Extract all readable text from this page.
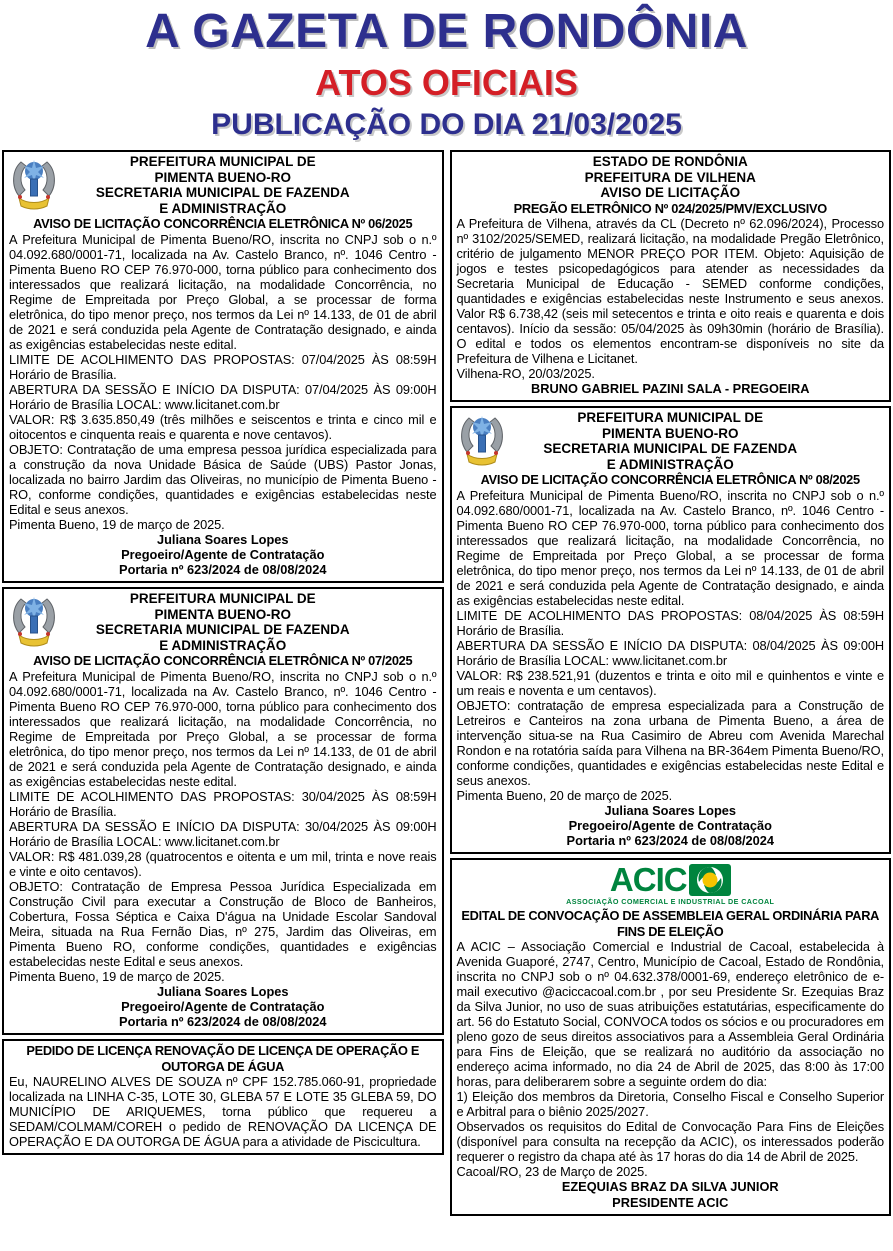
A GAZETA DE RONDÔNIA
ATOS OFICIAIS
PUBLICAÇÃO DO DIA 21/03/2025
PREFEITURA MUNICIPAL DE
PIMENTA BUENO-RO
SECRETARIA MUNICIPAL DE FAZENDA
E ADMINISTRAÇÃO
AVISO DE LICITAÇÃO CONCORRÊNCIA ELETRÔNICA Nº 06/2025
A Prefeitura Municipal de Pimenta Bueno/RO, inscrita no CNPJ sob o n.º 04.092.680/0001-71, localizada na Av. Castelo Branco, nº. 1046 Centro - Pimenta Bueno RO CEP 76.970-000, torna público para conhecimento dos interessados que realizará licitação, na modalidade Concorrência, no Regime de Empreitada por Preço Global, a se processar de forma eletrônica, do tipo menor preço, nos termos da Lei nº 14.133, de 01 de abril de 2021 e será conduzida pela Agente de Contratação designado, e ainda as exigências estabelecidas neste edital.
LIMITE DE ACOLHIMENTO DAS PROPOSTAS: 07/04/2025 ÀS 08:59H Horário de Brasília.
ABERTURA DA SESSÃO E INÍCIO DA DISPUTA: 07/04/2025 ÀS 09:00H Horário de Brasília LOCAL: www.licitanet.com.br
VALOR: R$ 3.635.850,49 (três milhões e seiscentos e trinta e cinco mil e oitocentos e cinquenta reais e quarenta e nove centavos).
OBJETO: Contratação de uma empresa pessoa jurídica especializada para a construção da nova Unidade Básica de Saúde (UBS) Pastor Jonas, localizada no bairro Jardim das Oliveiras, no município de Pimenta Bueno - RO, conforme condições, quantidades e exigências estabelecidas neste Edital e seus anexos.
Pimenta Bueno, 19 de março de 2025.
Juliana Soares Lopes
Pregoeiro/Agente de Contratação
Portaria nº 623/2024 de 08/08/2024
PREFEITURA MUNICIPAL DE
PIMENTA BUENO-RO
SECRETARIA MUNICIPAL DE FAZENDA
E ADMINISTRAÇÃO
AVISO DE LICITAÇÃO CONCORRÊNCIA ELETRÔNICA Nº 07/2025
A Prefeitura Municipal de Pimenta Bueno/RO, inscrita no CNPJ sob o n.º 04.092.680/0001-71, localizada na Av. Castelo Branco, nº. 1046 Centro - Pimenta Bueno RO CEP 76.970-000, torna público para conhecimento dos interessados que realizará licitação, na modalidade Concorrência, no Regime de Empreitada por Preço Global, a se processar de forma eletrônica, do tipo menor preço, nos termos da Lei nº 14.133, de 01 de abril de 2021 e será conduzida pela Agente de Contratação designado, e ainda as exigências estabelecidas neste edital.
LIMITE DE ACOLHIMENTO DAS PROPOSTAS: 30/04/2025 ÀS 08:59H Horário de Brasília.
ABERTURA DA SESSÃO E INÍCIO DA DISPUTA: 30/04/2025 ÀS 09:00H Horário de Brasília LOCAL: www.licitanet.com.br
VALOR: R$ 481.039,28 (quatrocentos e oitenta e um mil, trinta e nove reais e vinte e oito centavos).
OBJETO: Contratação de Empresa Pessoa Jurídica Especializada em Construção Civil para executar a Construção de Bloco de Banheiros, Cobertura, Fossa Séptica e Caixa D'água na Unidade Escolar Sandoval Meira, situada na Rua Fernão Dias, nº 275, Jardim das Oliveiras, em Pimenta Bueno RO, conforme condições, quantidades e exigências estabelecidas neste Edital e seus anexos.
Pimenta Bueno, 19 de março de 2025.
Juliana Soares Lopes
Pregoeiro/Agente de Contratação
Portaria nº 623/2024 de 08/08/2024
PEDIDO DE LICENÇA RENOVAÇÃO DE LICENÇA DE OPERAÇÃO E OUTORGA DE ÁGUA
Eu, NAURELINO ALVES DE SOUZA nº CPF 152.785.060-91, propriedade localizada na LINHA C-35, LOTE 30, GLEBA 57 E LOTE 35 GLEBA 59, DO MUNICÍPIO DE ARIQUEMES, torna público que requereu a SEDAM/COLMAM/COREH o pedido de RENOVAÇÃO DA LICENÇA DE OPERAÇÃO E DA OUTORGA DE ÁGUA para a atividade de Piscicultura.
ESTADO DE RONDÔNIA
PREFEITURA DE VILHENA
AVISO DE LICITAÇÃO
PREGÃO ELETRÔNICO Nº 024/2025/PMV/EXCLUSIVO
A Prefeitura de Vilhena, através da CL (Decreto nº 62.096/2024), Processo nº 3102/2025/SEMED, realizará licitação, na modalidade Pregão Eletrônico, critério de julgamento MENOR PREÇO POR ITEM. Objeto: Aquisição de jogos e testes psicopedagógicos para atender as necessidades da Secretaria Municipal de Educação - SEMED conforme condições, quantidades e exigências estabelecidas neste Instrumento e seus anexos. Valor R$ 6.738,42 (seis mil setecentos e trinta e oito reais e quarenta e dois centavos). Início da sessão: 05/04/2025 às 09h30min (horário de Brasília). O edital e todos os elementos encontram-se disponíveis no site da Prefeitura de Vilhena e Licitanet.
Vilhena-RO, 20/03/2025.
BRUNO GABRIEL PAZINI SALA - PREGOEIRA
PREFEITURA MUNICIPAL DE
PIMENTA BUENO-RO
SECRETARIA MUNICIPAL DE FAZENDA
E ADMINISTRAÇÃO
AVISO DE LICITAÇÃO CONCORRÊNCIA ELETRÔNICA Nº 08/2025
A Prefeitura Municipal de Pimenta Bueno/RO, inscrita no CNPJ sob o n.º 04.092.680/0001-71, localizada na Av. Castelo Branco, nº. 1046 Centro - Pimenta Bueno RO CEP 76.970-000, torna público para conhecimento dos interessados que realizará licitação, na modalidade Concorrência, no Regime de Empreitada por Preço Global, a se processar de forma eletrônica, do tipo menor preço, nos termos da Lei nº 14.133, de 01 de abril de 2021 e será conduzida pela Agente de Contratação designado, e ainda as exigências estabelecidas neste edital.
LIMITE DE ACOLHIMENTO DAS PROPOSTAS: 08/04/2025 ÀS 08:59H Horário de Brasília.
ABERTURA DA SESSÃO E INÍCIO DA DISPUTA: 08/04/2025 ÀS 09:00H Horário de Brasília LOCAL: www.licitanet.com.br
VALOR: R$ 238.521,91 (duzentos e trinta e oito mil e quinhentos e vinte e um reais e noventa e um centavos).
OBJETO: contratação de empresa especializada para a Construção de Letreiros e Canteiros na zona urbana de Pimenta Bueno, a área de intervenção situa-se na Rua Casimiro de Abreu com Avenida Marechal Rondon e na rotatória saída para Vilhena na BR-364em Pimenta Bueno/RO, conforme condições, quantidades e exigências estabelecidas neste Edital e seus anexos.
Pimenta Bueno, 20 de março de 2025.
Juliana Soares Lopes
Pregoeiro/Agente de Contratação
Portaria nº 623/2024 de 08/08/2024
ACIC
ASSOCIAÇÃO COMERCIAL E INDUSTRIAL DE CACOAL
EDITAL DE CONVOCAÇÃO DE ASSEMBLEIA GERAL ORDINÁRIA PARA FINS DE ELEIÇÃO
A ACIC – Associação Comercial e Industrial de Cacoal, estabelecida à Avenida Guaporé, 2747, Centro, Município de Cacoal, Estado de Rondônia, inscrita no CNPJ sob o nº 04.632.378/0001-69, endereço eletrônico de e-mail executivo @aciccacoal.com.br , por seu Presidente Sr. Ezequias Braz da Silva Junior, no uso de suas atribuições estatutárias, especificamente do art. 56 do Estatuto Social, CONVOCA todos os sócios e ou procuradores em pleno gozo de seus direitos associativos para a Assembleia Geral Ordinária para Fins de Eleição, que se realizará no auditório da associação no endereço acima informado, no dia 24 de Abril de 2025, das 8:00 às 17:00 horas, para deliberarem sobre a seguinte ordem do dia:
1) Eleição dos membros da Diretoria, Conselho Fiscal e Conselho Superior e Arbitral para o biênio 2025/2027.
Observados os requisitos do Edital de Convocação Para Fins de Eleições (disponível para consulta na recepção da ACIC), os interessados poderão requerer o registro da chapa até às 17 horas do dia 14 de Abril de 2025.
Cacoal/RO, 23 de Março de 2025.
EZEQUIAS BRAZ DA SILVA JUNIOR
PRESIDENTE ACIC
